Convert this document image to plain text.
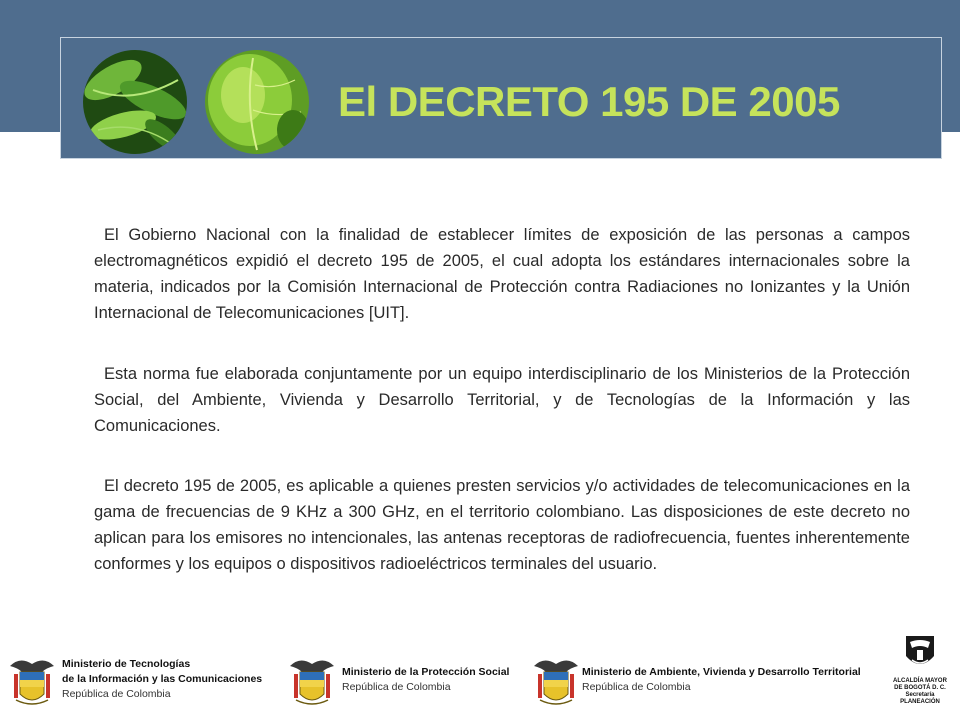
El DECRETO 195 DE 2005

El Gobierno Nacional con la finalidad de establecer límites de exposición de las personas a campos electromagnéticos expidió el decreto 195 de 2005, el cual adopta los estándares internacionales sobre la materia, indicados por la Comisión Internacional de Protección contra Radiaciones no Ionizantes y la Unión Internacional de Telecomunicaciones [UIT].

Esta norma fue elaborada conjuntamente por un equipo interdisciplinario de los Ministerios de la Protección Social, del Ambiente, Vivienda y Desarrollo Territorial, y de Tecnologías de la Información y las Comunicaciones.

El decreto 195 de 2005, es aplicable a quienes presten servicios y/o actividades de telecomunicaciones en la gama de frecuencias de 9 KHz a 300 GHz, en el territorio colombiano. Las disposiciones de este decreto no aplican para los emisores no intencionales, las antenas receptoras de radiofrecuencia, fuentes inherentemente conformes y los equipos o dispositivos radioeléctricos terminales del usuario.

Ministerio de Tecnologías
de la Información y las Comunicaciones
República de Colombia
Ministerio de la Protección Social
República de Colombia
Ministerio de Ambiente, Vivienda y Desarrollo Territorial
República de Colombia	ALCALDÍA MAYOR
DE BOGOTÁ D. C.
Secretaría
PLANEACIÓN
